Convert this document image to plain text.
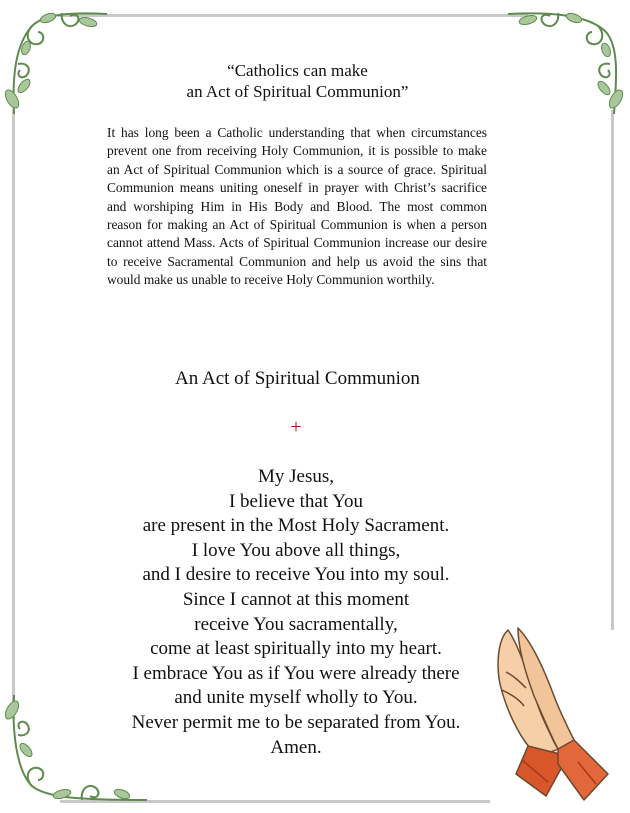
“Catholics can make
an Act of Spiritual Communion”

It has long been a Catholic understanding that when circumstances prevent one from receiving Holy Communion, it is possible to make an Act of Spiritual Communion which is a source of grace. Spiritual Communion means uniting oneself in prayer with Christ’s sacrifice and worshiping Him in His Body and Blood. The most common reason for making an Act of Spiritual Communion is when a person cannot attend Mass. Acts of Spiritual Communion increase our desire to receive Sacramental Communion and help us avoid the sins that would make us unable to receive Holy Communion worthily.

An Act of Spiritual Communion
+
My Jesus,
I believe that You
are present in the Most Holy Sacrament.
I love You above all things,
and I desire to receive You into my soul.
Since I cannot at this moment
receive You sacramentally,
come at least spiritually into my heart.
I embrace You as if You were already there
and unite myself wholly to You.
Never permit me to be separated from You.
Amen.
